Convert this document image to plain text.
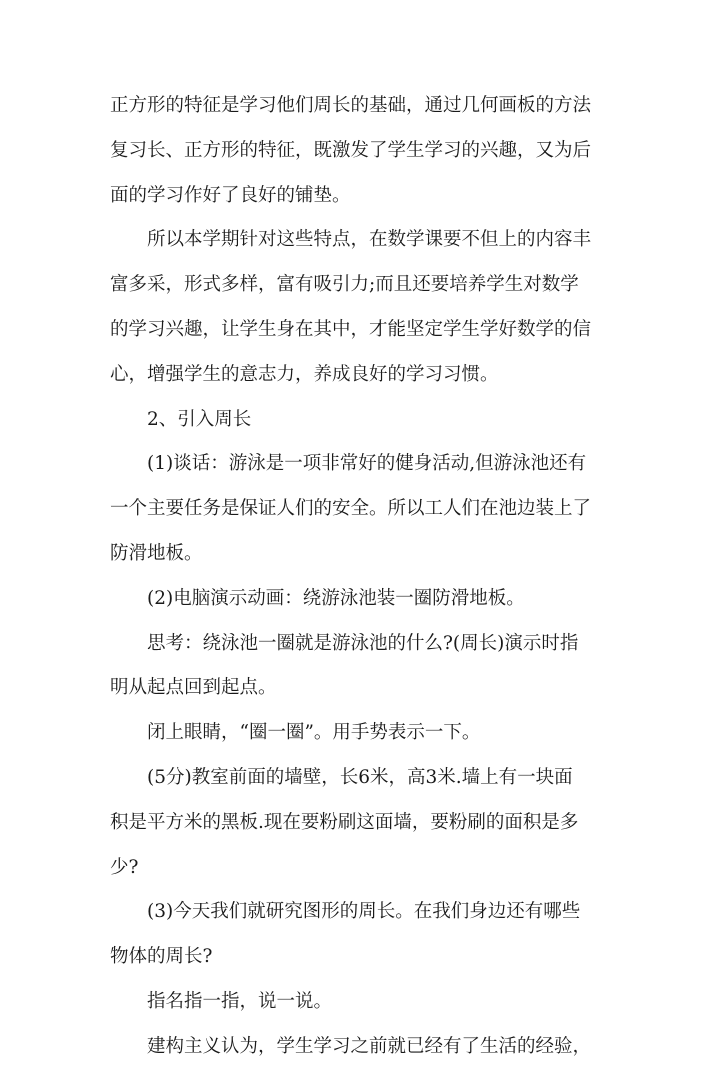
正方形的特征是学习他们周长的基础，通过几何画板的方法
复习长、正方形的特征，既激发了学生学习的兴趣，又为后
面的学习作好了良好的铺垫。
所以本学期针对这些特点，在数学课要不但上的内容丰
富多采，形式多样，富有吸引力;而且还要培养学生对数学
的学习兴趣，让学生身在其中，才能坚定学生学好数学的信
心，增强学生的意志力，养成良好的学习习惯。
2、引入周长
(1)谈话：游泳是一项非常好的健身活动,但游泳池还有
一个主要任务是保证人们的安全。所以工人们在池边装上了
防滑地板。
(2)电脑演示动画：绕游泳池装一圈防滑地板。
思考：绕泳池一圈就是游泳池的什么?(周长)演示时指
明从起点回到起点。
闭上眼睛，“圈一圈”。用手势表示一下。
(5分)教室前面的墙壁，长6米，高3米.墙上有一块面
积是平方米的黑板.现在要粉刷这面墙，要粉刷的面积是多
少?
(3)今天我们就研究图形的周长。在我们身边还有哪些
物体的周长?
指名指一指，说一说。
建构主义认为，学生学习之前就已经有了生活的经验，
